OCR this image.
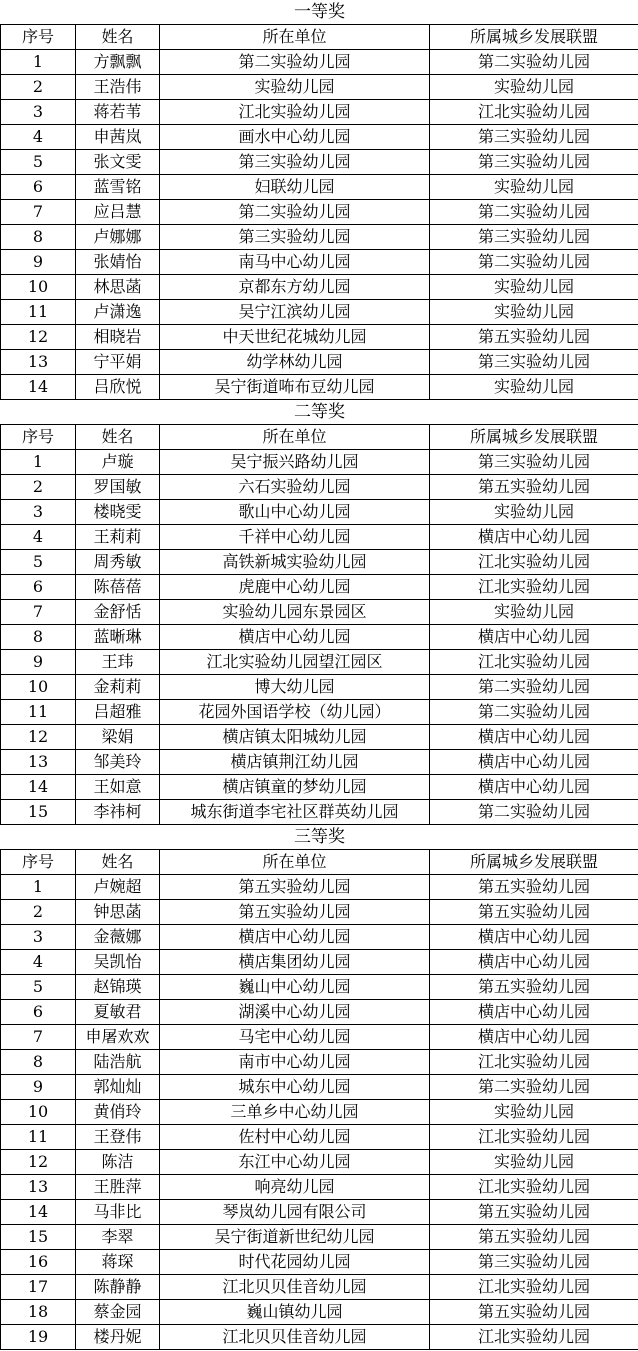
一等奖			
序号	姓名	所在单位	所属城乡发展联盟
1	方飘飘	第二实验幼儿园	第二实验幼儿园
2	王浩伟	实验幼儿园	实验幼儿园
3	蒋若苇	江北实验幼儿园	江北实验幼儿园
4	申茜岚	画水中心幼儿园	第三实验幼儿园
5	张文雯	第三实验幼儿园	第三实验幼儿园
6	蓝雪铭	妇联幼儿园	实验幼儿园
7	应吕慧	第二实验幼儿园	第二实验幼儿园
8	卢娜娜	第三实验幼儿园	第三实验幼儿园
9	张婧怡	南马中心幼儿园	第二实验幼儿园
10	林思菡	京都东方幼儿园	实验幼儿园
11	卢潇逸	吴宁江滨幼儿园	实验幼儿园
12	相晓岩	中天世纪花城幼儿园	第五实验幼儿园
13	宁平娟	幼学林幼儿园	第三实验幼儿园
14	吕欣悦	吴宁街道咘布豆幼儿园	实验幼儿园
二等奖			
序号	姓名	所在单位	所属城乡发展联盟
1	卢璇	吴宁振兴路幼儿园	第三实验幼儿园
2	罗国敏	六石实验幼儿园	第五实验幼儿园
3	楼晓雯	歌山中心幼儿园	实验幼儿园
4	王莉莉	千祥中心幼儿园	横店中心幼儿园
5	周秀敏	高铁新城实验幼儿园	江北实验幼儿园
6	陈蓓蓓	虎鹿中心幼儿园	江北实验幼儿园
7	金舒恬	实验幼儿园东景园区	实验幼儿园
8	蓝晰琳	横店中心幼儿园	横店中心幼儿园
9	王玮	江北实验幼儿园望江园区	江北实验幼儿园
10	金莉莉	博大幼儿园	第二实验幼儿园
11	吕超雅	花园外国语学校（幼儿园）	第二实验幼儿园
12	梁娟	横店镇太阳城幼儿园	横店中心幼儿园
13	邹美玲	横店镇荆江幼儿园	横店中心幼儿园
14	王如意	横店镇童的梦幼儿园	横店中心幼儿园
15	李祎柯	城东街道李宅社区群英幼儿园	第二实验幼儿园
三等奖			
序号	姓名	所在单位	所属城乡发展联盟
1	卢婉超	第五实验幼儿园	第五实验幼儿园
2	钟思菡	第五实验幼儿园	第五实验幼儿园
3	金薇娜	横店中心幼儿园	横店中心幼儿园
4	吴凯怡	横店集团幼儿园	横店中心幼儿园
5	赵锦瑛	巍山中心幼儿园	第五实验幼儿园
6	夏敏君	湖溪中心幼儿园	横店中心幼儿园
7	申屠欢欢	马宅中心幼儿园	横店中心幼儿园
8	陆浩航	南市中心幼儿园	江北实验幼儿园
9	郭灿灿	城东中心幼儿园	第二实验幼儿园
10	黄俏玲	三单乡中心幼儿园	实验幼儿园
11	王登伟	佐村中心幼儿园	江北实验幼儿园
12	陈洁	东江中心幼儿园	实验幼儿园
13	王胜萍	响亮幼儿园	江北实验幼儿园
14	马非比	琴岚幼儿园有限公司	第五实验幼儿园
15	李翠	吴宁街道新世纪幼儿园	第五实验幼儿园
16	蒋琛	时代花园幼儿园	第三实验幼儿园
17	陈静静	江北贝贝佳音幼儿园	江北实验幼儿园
18	蔡金园	巍山镇幼儿园	第五实验幼儿园
19	楼丹妮	江北贝贝佳音幼儿园	江北实验幼儿园
